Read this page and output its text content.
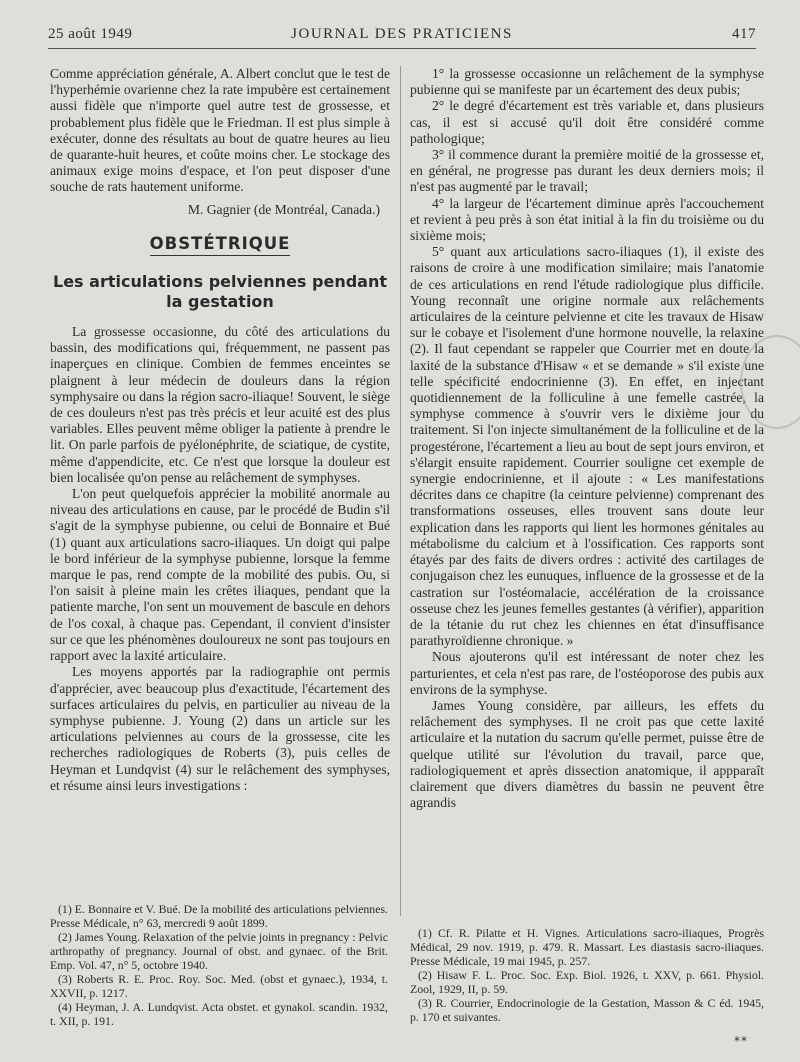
25 août 1949	JOURNAL DES PRATICIENS	417

Comme appréciation générale, A. Albert conclut que le test de l'hyperhémie ovarienne chez la rate impubère est certainement aussi fidèle que n'importe quel autre test de grossesse, et probablement plus fidèle que le Friedman. Il est plus simple à exécuter, donne des résultats au bout de quatre heures au lieu de quarante-huit heures, et coûte moins cher. Le stockage des animaux exige moins d'espace, et l'on peut disposer d'une souche de rats hautement uniforme.

M. Gagnier (de Montréal, Canada.)

OBSTÉTRIQUE
Les articulations pelviennes pendant la gestation

La grossesse occasionne, du côté des articulations du bassin, des modifications qui, fréquemment, ne passent pas inaperçues en clinique. Combien de femmes enceintes se plaignent à leur médecin de douleurs dans la région symphysaire ou dans la région sacro-iliaque! Souvent, le siège de ces douleurs n'est pas très précis et leur acuité est des plus variables. Elles peuvent même obliger la patiente à prendre le lit. On parle parfois de pyélonéphrite, de sciatique, de cystite, même d'appendicite, etc. Ce n'est que lorsque la douleur est bien localisée qu'on pense au relâchement de symphyses.

L'on peut quelquefois apprécier la mobilité anormale au niveau des articulations en cause, par le procédé de Budin s'il s'agit de la symphyse pubienne, ou celui de Bonnaire et Bué (1) quant aux articulations sacro-iliaques. Un doigt qui palpe le bord inférieur de la symphyse pubienne, lorsque la femme marque le pas, rend compte de la mobilité des pubis. Ou, si l'on saisit à pleine main les crêtes iliaques, pendant que la patiente marche, l'on sent un mouvement de bascule en dehors de l'os coxal, à chaque pas. Cependant, il convient d'insister sur ce que les phénomènes douloureux ne sont pas toujours en rapport avec la laxité articulaire.

Les moyens apportés par la radiographie ont permis d'apprécier, avec beaucoup plus d'exactitude, l'écartement des surfaces articulaires du pelvis, en particulier au niveau de la symphyse pubienne. J. Young (2) dans un article sur les articulations pelviennes au cours de la grossesse, cite les recherches radiologiques de Roberts (3), puis celles de Heyman et Lundqvist (4) sur le relâchement des symphyses, et résume ainsi leurs investigations :

1° la grossesse occasionne un relâchement de la symphyse pubienne qui se manifeste par un écartement des deux pubis;

2° le degré d'écartement est très variable et, dans plusieurs cas, il est si accusé qu'il doit être considéré comme pathologique;

3° il commence durant la première moitié de la grossesse et, en général, ne progresse pas durant les deux derniers mois; il n'est pas augmenté par le travail;

4° la largeur de l'écartement diminue après l'accouchement et revient à peu près à son état initial à la fin du troisième ou du sixième mois;

5° quant aux articulations sacro-iliaques (1), il existe des raisons de croire à une modification similaire; mais l'anatomie de ces articulations en rend l'étude radiologique plus difficile. Young reconnaît une origine normale aux relâchements articulaires de la ceinture pelvienne et cite les travaux de Hisaw sur le cobaye et l'isolement d'une hormone nouvelle, la relaxine (2). Il faut cependant se rappeler que Courrier met en doute la laxité de la substance d'Hisaw « et se demande » s'il existe une telle spécificité endocrinienne (3). En effet, en injectant quotidiennement de la folliculine à une femelle castrée, la symphyse commence à s'ouvrir vers le dixième jour du traitement. Si l'on injecte simultanément de la folliculine et de la progestérone, l'écartement a lieu au bout de sept jours environ, et s'élargit ensuite rapidement. Courrier souligne cet exemple de synergie endocrinienne, et il ajoute : « Les manifestations décrites dans ce chapitre (la ceinture pelvienne) comprenant des transformations osseuses, elles trouvent sans doute leur explication dans les rapports qui lient les hormones génitales au métabolisme du calcium et à l'ossification. Ces rapports sont étayés par des faits de divers ordres : activité des cartilages de conjugaison chez les eunuques, influence de la grossesse et de la castration sur l'ostéomalacie, accélération de la croissance osseuse chez les jeunes femelles gestantes (à vérifier), apparition de la tétanie du rut chez les chiennes en état d'insuffisance parathyroïdienne chronique. »

Nous ajouterons qu'il est intéressant de noter chez les parturientes, et cela n'est pas rare, de l'ostéoporose des pubis aux environs de la symphyse.

James Young considère, par ailleurs, les effets du relâchement des symphyses. Il ne croit pas que cette laxité articulaire et la nutation du sacrum qu'elle permet, puisse être de quelque utilité sur l'évolution du travail, parce que, radiologiquement et après dissection anatomique, il appparaît clairement que divers diamètres du bassin ne peuvent être agrandis

(1) E. Bonnaire et V. Bué. De la mobilité des articulations pelviennes. Presse Médicale, n° 63, mercredi 9 août 1899.

(2) James Young. Relaxation of the pelvie joints in pregnancy : Pelvic arthropathy of pregnancy. Journal of obst. and gynaec. of the Brit. Emp. Vol. 47, n° 5, octobre 1940.

(3) Roberts R. E. Proc. Roy. Soc. Med. (obst et gynaec.), 1934, t. XXVII, p. 1217.

(4) Heyman, J. A. Lundqvist. Acta obstet. et gynakol. scandin. 1932, t. XII, p. 191.

(1) Cf. R. Pilatte et H. Vignes. Articulations sacro-iliaques, Progrès Médical, 29 nov. 1919, p. 479. R. Massart. Les diastasis sacro-iliaques. Presse Médicale, 19 mai 1945, p. 257.

(2) Hisaw F. L. Proc. Soc. Exp. Biol. 1926, t. XXV, p. 661. Physiol. Zool, 1929, II, p. 59.

(3) R. Courrier, Endocrinologie de la Gestation, Masson & C éd. 1945, p. 170 et suivantes.

**
